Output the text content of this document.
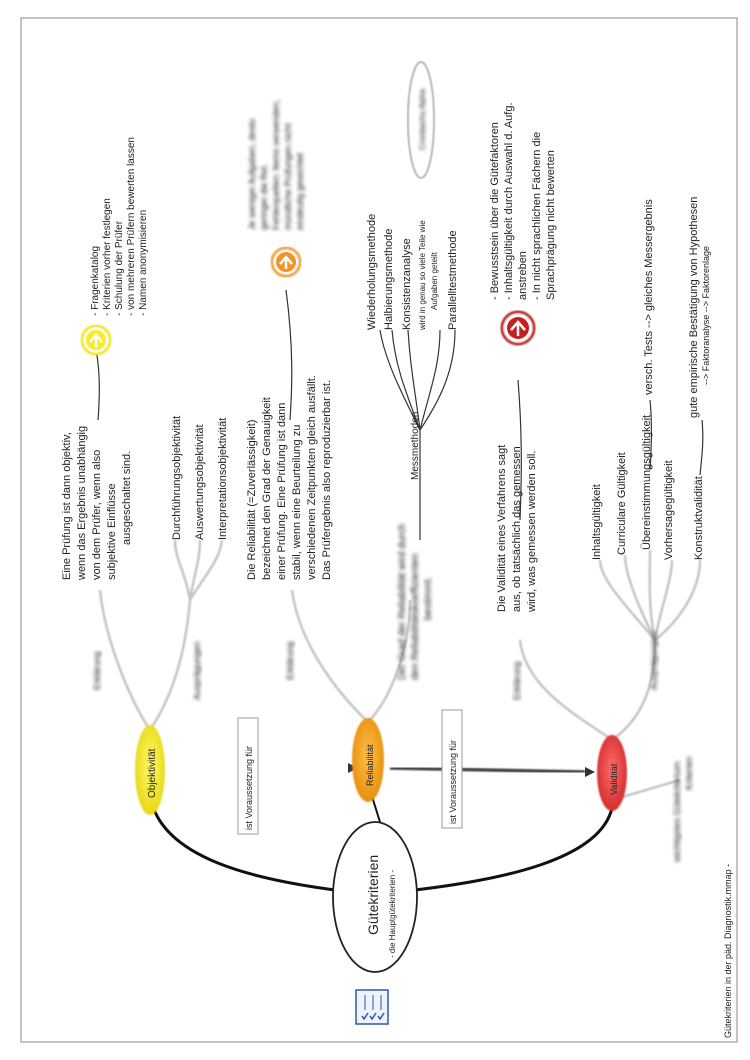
ist Voraussetzung für	ist Voraussetzung für
Gütekriterien - die Hauptgütekriterien -
Objektivität	Reliabilität	Validität
Erklärung
Eine Prüfung ist dann objektiv, wenn das Ergebnis unabhängig von dem Prüfer, wenn also subjektive Einflüsse ausgeschaltet sind.
Ausprägungen
Durchführungsobjektivität Auswertungsobjektivität Interpretationsobjektivität
- Fragenkatalog - Kriterien vorher festlegen - Schulung der Prüfer - von mehreren Prüfern bewerten lassen - Namen anonymisieren
Erklärung
Die Reliabilität (=Zuverlässigkeit) bezeichnet den Grad der Genauigkeit einer Prüfung. Eine Prüfung ist dann stabil, wenn eine Beurteilung zu verschiedenen Zeitpunkten gleich ausfällt. Das Prüfergebnis also reproduzierbar ist.
Der Grad der Reliabilität wird durch den Reliabilitätskoeffizienten bestimmt.
Messmethoden
Wiederholungsmethode Halbierungsmethode Konsistenzanalyse	Parallelltestmethode
wird in genau so viele Teile wie Aufgaben geteilt
Cronbachs Alpha
Je weniger Aufgaben, desto geringer die Rel. Fehlerquellen: Items verwenden, mündliche Prüfungen nicht eindeutig gewichtet
Erklärung
Die Validität eines Verfahrens sagt aus, ob tatsächlich das gemessen wird, was gemessen werden soll.
Ausprägungen
Inhaltsgültigkeit Curriculare Gültigkeit Übereinstimmungsgültigkeit Vorhersagegültigkeit Konstruktvalidität
versch. Tests --> gleiches Messergebnis	gute empirische Bestätigung von Hypothesen --> Faktoranalyse --> Faktorenlage
wichtigstes Gütekriterium Kriterien
- Bewusstsein über die Gütefaktoren - Inhaltsgültigkeit durch Auswahl d. Aufg. anstreben - In nicht sprachlichen Fächern die Sprachprägung nicht bewerten
Gütekriterien in der päd. Diagnostik.mmap -
